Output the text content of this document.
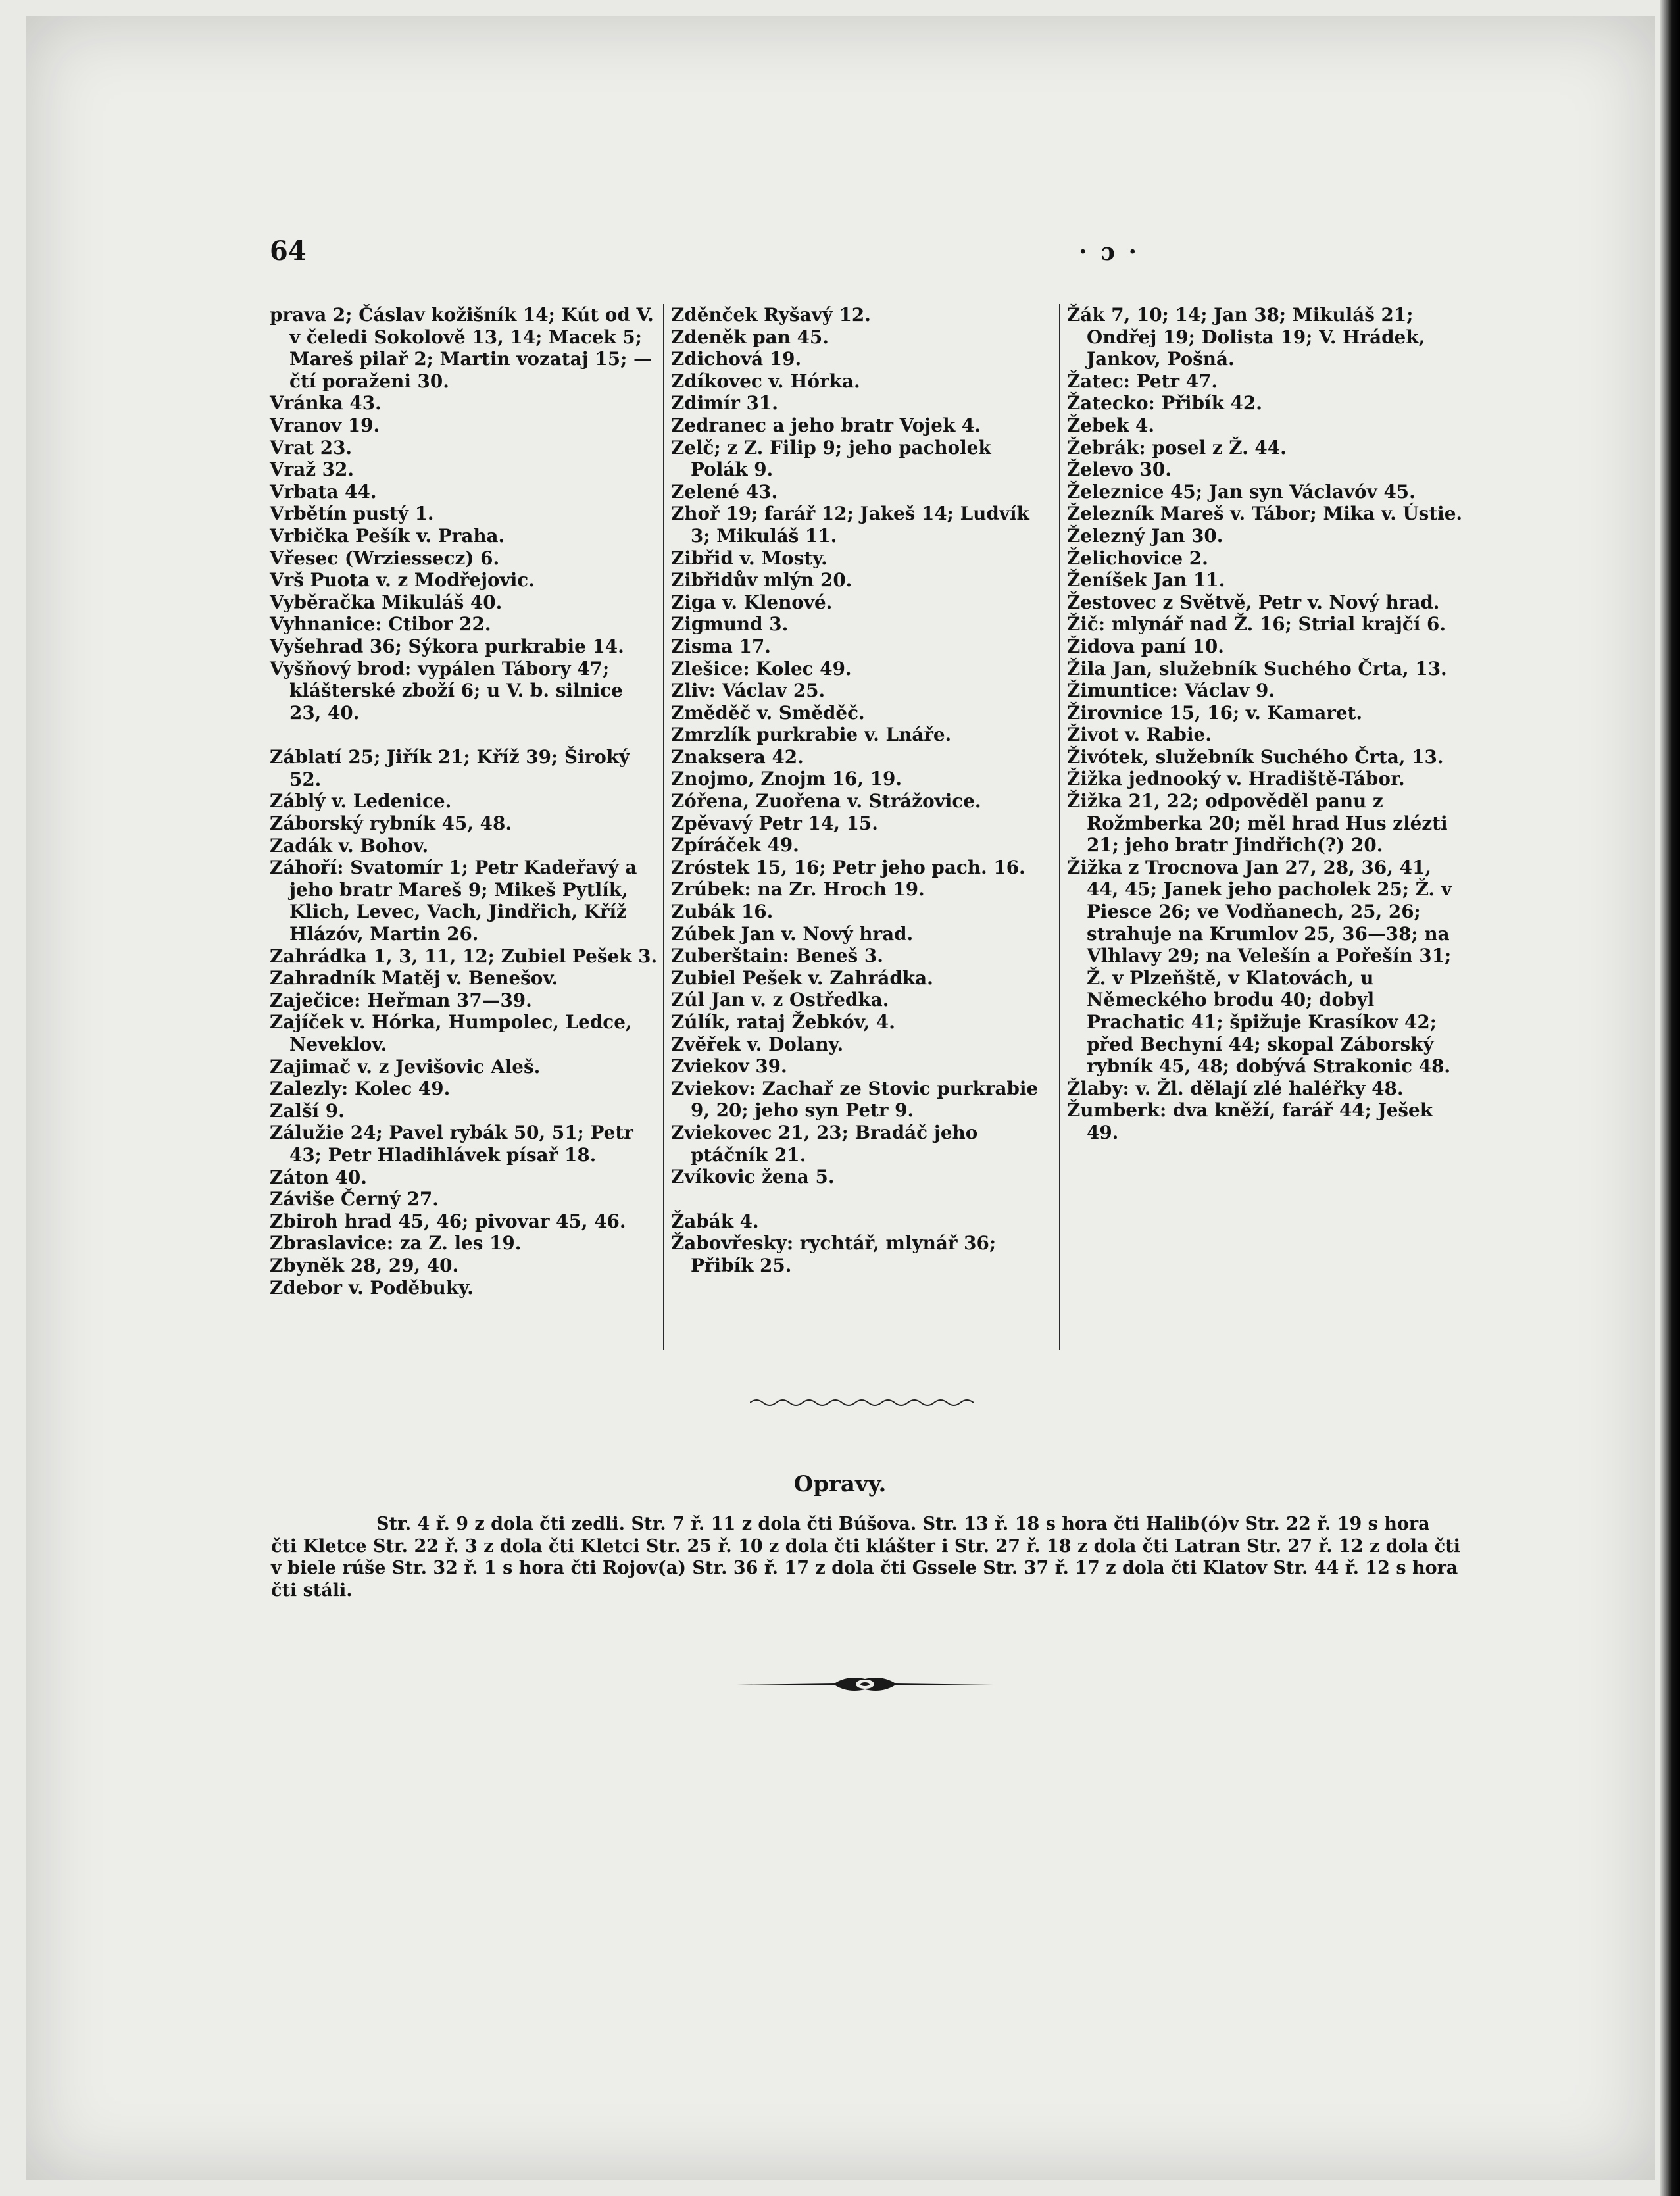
64	· ɔ ·
prava 2; Čáslav kožišník 14; Kút od V. v čeledi Sokolově 13, 14; Macek 5; Mareš pilař 2; Martin vozataj 15; — čtí poraženi 30.
Vránka 43.
Vranov 19.
Vrat 23.
Vraž 32.
Vrbata 44.
Vrbětín pustý 1.
Vrbička Pešík v. Praha.
Vřesec (Wrziessecz) 6.
Vrš Puota v. z Modřejovic.
Vyběračka Mikuláš 40.
Vyhnanice: Ctibor 22.
Vyšehrad 36; Sýkora purkrabie 14.
Vyšňový brod: vypálen Tábory 47; klášterské zboží 6; u V. b. silnice 23, 40.
Záblatí 25; Jiřík 21; Kříž 39; Široký 52.
Záblý v. Ledenice.
Záborský rybník 45, 48.
Zadák v. Bohov.
Záhoří: Svatomír 1; Petr Kadeřavý a jeho bratr Mareš 9; Mikeš Pytlík, Klich, Levec, Vach, Jindřich, Kříž Hlázóv, Martin 26.
Zahrádka 1, 3, 11, 12; Zubiel Pešek 3.
Zahradník Matěj v. Benešov.
Zaječice: Heřman 37—39.
Zajíček v. Hórka, Humpolec, Ledce, Neveklov.
Zajimač v. z Jevišovic Aleš.
Zalezly: Kolec 49.
Zalší 9.
Zálužie 24; Pavel rybák 50, 51; Petr 43; Petr Hladihlávek písař 18.
Záton 40.
Záviše Černý 27.
Zbiroh hrad 45, 46; pivovar 45, 46.
Zbraslavice: za Z. les 19.
Zbyněk 28, 29, 40.
Zdebor v. Poděbuky.
Zděnček Ryšavý 12.
Zdeněk pan 45.
Zdichová 19.
Zdíkovec v. Hórka.
Zdimír 31.
Zedranec a jeho bratr Vojek 4.
Zelč; z Z. Filip 9; jeho pacholek Polák 9.
Zelené 43.
Zhoř 19; farář 12; Jakeš 14; Ludvík 3; Mikuláš 11.
Zibřid v. Mosty.
Zibřidův mlýn 20.
Ziga v. Klenové.
Zigmund 3.
Zisma 17.
Zlešice: Kolec 49.
Zliv: Václav 25.
Změděč v. Směděč.
Zmrzlík purkrabie v. Lnáře.
Znaksera 42.
Znojmo, Znojm 16, 19.
Zóřena, Zuořena v. Strážovice.
Zpěvavý Petr 14, 15.
Zpíráček 49.
Zróstek 15, 16; Petr jeho pach. 16.
Zrúbek: na Zr. Hroch 19.
Zubák 16.
Zúbek Jan v. Nový hrad.
Zuberštain: Beneš 3.
Zubiel Pešek v. Zahrádka.
Zúl Jan v. z Ostředka.
Zúlík, rataj Žebkóv, 4.
Zvěřek v. Dolany.
Zviekov 39.
Zviekov: Zachař ze Stovic purkrabie 9, 20; jeho syn Petr 9.
Zviekovec 21, 23; Bradáč jeho ptáčník 21.
Zvíkovic žena 5.
Žabák 4.
Žabovřesky: rychtář, mlynář 36; Přibík 25.
Žák 7, 10; 14; Jan 38; Mikuláš 21; Ondřej 19; Dolista 19; V. Hrádek, Jankov, Pošná.
Žatec: Petr 47.
Žatecko: Přibík 42.
Žebek 4.
Žebrák: posel z Ž. 44.
Želevo 30.
Železnice 45; Jan syn Václavóv 45.
Železník Mareš v. Tábor; Mika v. Ústie.
Železný Jan 30.
Želichovice 2.
Ženíšek Jan 11.
Žestovec z Světvě, Petr v. Nový hrad.
Žič: mlynář nad Ž. 16; Strial krajčí 6.
Židova paní 10.
Žila Jan, služebník Suchého Črta, 13.
Žimuntice: Václav 9.
Žirovnice 15, 16; v. Kamaret.
Život v. Rabie.
Živótek, služebník Suchého Črta, 13.
Žižka jednooký v. Hradiště-Tábor.
Žižka 21, 22; odpověděl panu z Rožmberka 20; měl hrad Hus zlézti 21; jeho bratr Jindřich(?) 20.
Žižka z Trocnova Jan 27, 28, 36, 41, 44, 45; Janek jeho pacholek 25; Ž. v Piesce 26; ve Vodňanech, 25, 26; strahuje na Krumlov 25, 36—38; na Vlhlavy 29; na Velešín a Pořešín 31; Ž. v Plzeňště, v Klatovách, u Německého brodu 40; dobyl Prachatic 41; špižuje Krasíkov 42; před Bechyní 44; skopal Záborský rybník 45, 48; dobývá Strakonic 48.
Žlaby: v. Žl. dělají zlé haléřky 48.
Žumberk: dva kněží, farář 44; Ješek 49.
Opravy.
Str. 4 ř. 9 z dola čti zedli. Str. 7 ř. 11 z dola čti Búšova. Str. 13 ř. 18 s hora čti Halib(ó)v Str. 22 ř. 19 s hora čti Kletce Str. 22 ř. 3 z dola čti Kletci Str. 25 ř. 10 z dola čti klášter i Str. 27 ř. 18 z dola čti Latran Str. 27 ř. 12 z dola čti v biele rúše Str. 32 ř. 1 s hora čti Rojov(a) Str. 36 ř. 17 z dola čti Gssele Str. 37 ř. 17 z dola čti Klatov Str. 44 ř. 12 s hora čti stáli.
